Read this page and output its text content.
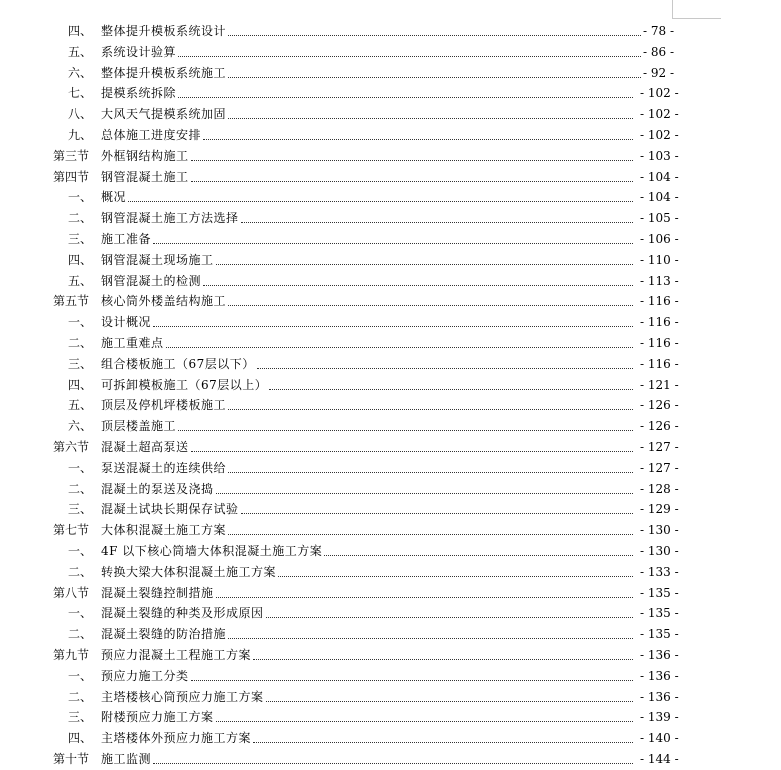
四、 整体提升模板系统设计	- 78 -
五、 系统设计验算	- 86 -
六、 整体提升模板系统施工	- 92 -
七、 提模系统拆除	- 102 -
八、 大风天气提模系统加固	- 102 -
九、 总体施工进度安排	- 102 -
第三节 外框钢结构施工	- 103 -
第四节 钢管混凝土施工	- 104 -
一、 概况	- 104 -
二、 钢管混凝土施工方法选择	- 105 -
三、 施工准备	- 106 -
四、 钢管混凝土现场施工	- 110 -
五、 钢管混凝土的检测	- 113 -
第五节 核心筒外楼盖结构施工	- 116 -
一、 设计概况	- 116 -
二、 施工重难点	- 116 -
三、 组合楼板施工（67层以下）	- 116 -
四、 可拆卸模板施工（67层以上）	- 121 -
五、 顶层及停机坪楼板施工	- 126 -
六、 顶层楼盖施工	- 126 -
第六节 混凝土超高泵送	- 127 -
一、 泵送混凝土的连续供给	- 127 -
二、 混凝土的泵送及浇捣	- 128 -
三、 混凝土试块长期保存试验	- 129 -
第七节 大体积混凝土施工方案	- 130 -
一、 4F 以下核心筒墙大体积混凝土施工方案	- 130 -
二、 转换大梁大体积混凝土施工方案	- 133 -
第八节 混凝土裂缝控制措施	- 135 -
一、 混凝土裂缝的种类及形成原因	- 135 -
二、 混凝土裂缝的防治措施	- 135 -
第九节 预应力混凝土工程施工方案	- 136 -
一、 预应力施工分类	- 136 -
二、 主塔楼核心筒预应力施工方案	- 136 -
三、 附楼预应力施工方案	- 139 -
四、 主塔楼体外预应力施工方案	- 140 -
第十节 施工监测	- 144 -
